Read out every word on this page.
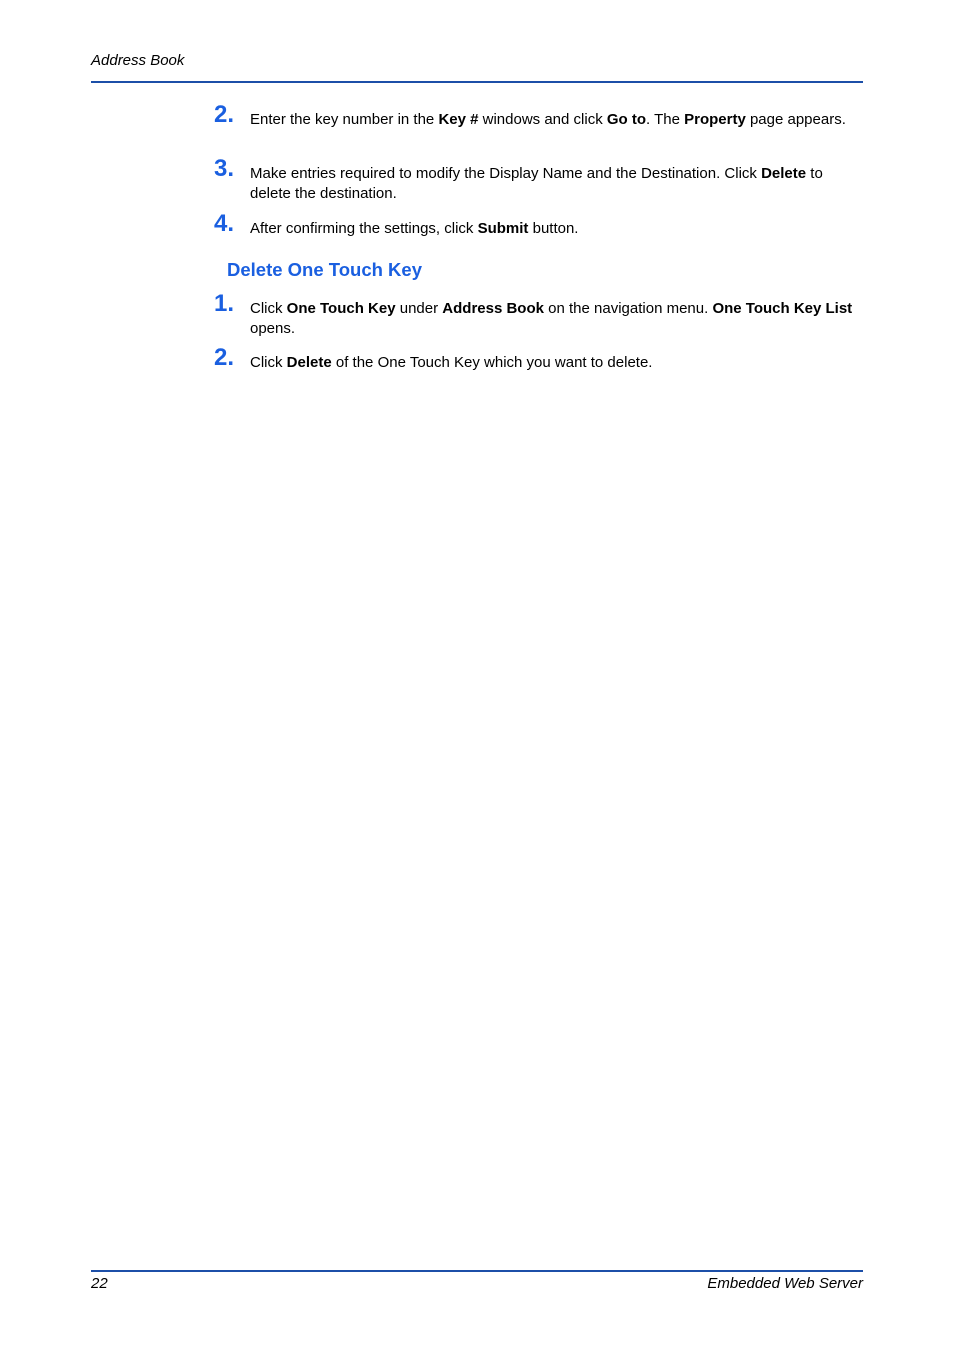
Address Book
2. Enter the key number in the Key # windows and click Go to. The Property page appears.
3. Make entries required to modify the Display Name and the Destination. Click Delete to delete the destination.
4. After confirming the settings, click Submit button.
Delete One Touch Key
1. Click One Touch Key under Address Book on the navigation menu. One Touch Key List opens.
2. Click Delete of the One Touch Key which you want to delete.
22	Embedded Web Server
